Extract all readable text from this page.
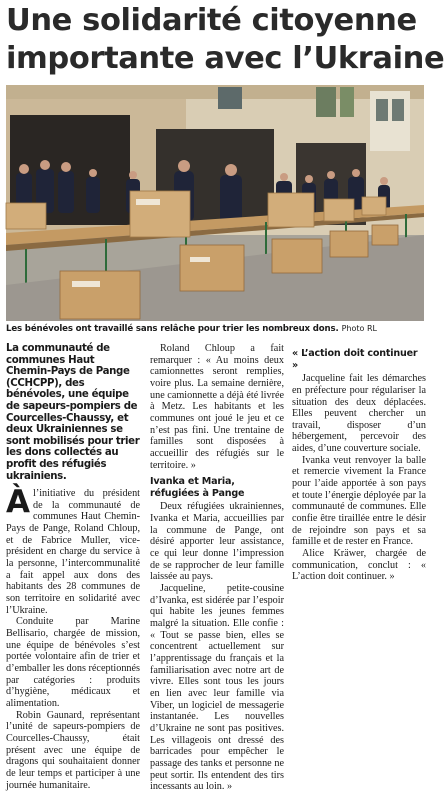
Une solidarité citoyenne
importante avec l’Ukraine
Les bénévoles ont travaillé sans relâche pour trier les nombreux dons. Photo RL
La communauté de communes Haut Chemin-Pays de Pange (CCHCPP), des bénévoles, une équipe de sapeurs-pompiers de Courcelles-Chaussy, et deux Ukrainiennes se sont mobilisés pour trier les dons collectés au profit des réfugiés ukrainiens.

Àl’initiative du président de la communauté de communes Haut Chemin-Pays de Pange, Roland Chloup, et de Fabrice Muller, vice-président en charge du service à la personne, l’intercommunalité a fait appel aux dons des habitants des 28 communes de son territoire en solidarité avec l’Ukraine.

Conduite par Marine Bellisario, chargée de mission, une équipe de bénévoles s’est portée volontaire afin de trier et d’emballer les dons réceptionnés par catégories : produits d’hygiène, médicaux et alimentation.

Robin Gaunard, représentant l’unité de sapeurs-pompiers de Courcelles-Chaussy, était présent avec une équipe de dragons qui souhaitaient donner de leur temps et participer à une journée humanitaire.

Roland Chloup a fait remarquer : « Au moins deux camionnettes seront remplies, voire plus. La semaine dernière, une camionnette a déjà été livrée à Metz. Les habitants et les communes ont joué le jeu et ce n’est pas fini. Une trentaine de familles sont disposées à accueillir des réfugiés sur le territoire. »

Ivanka et Maria, réfugiées à Pange

Deux réfugiées ukrainiennes, Ivanka et Maria, accueillies par la commune de Pange, ont désiré apporter leur assistance, ce qui leur donne l’impression de se rapprocher de leur famille laissée au pays.

Jacqueline, petite-cousine d’Ivanka, est sidérée par l’espoir qui habite les jeunes femmes malgré la situation. Elle confie : « Tout se passe bien, elles se concentrent actuellement sur l’apprentissage du français et la familiarisation avec notre art de vivre. Elles sont tous les jours en lien avec leur famille via Viber, un logiciel de messagerie instantanée. Les nouvelles d’Ukraine ne sont pas positives. Les villageois ont dressé des barricades pour empêcher le passage des tanks et personne ne peut sortir. Ils entendent des tirs incessants au loin. »

« L’action doit continuer »

Jacqueline fait les démarches en préfecture pour régulariser la situation des deux déplacées. Elles peuvent chercher un travail, disposer d’un hébergement, percevoir des aides, d’une couverture sociale.

Ivanka veut renvoyer la balle et remercie vivement la France pour l’aide apportée à son pays et toute l’énergie déployée par la communauté de communes. Elle confie être tiraillée entre le désir de rejoindre son pays et sa famille et de rester en France.

Alice Kräwer, chargée de communication, conclut : « L’action doit continuer. »
